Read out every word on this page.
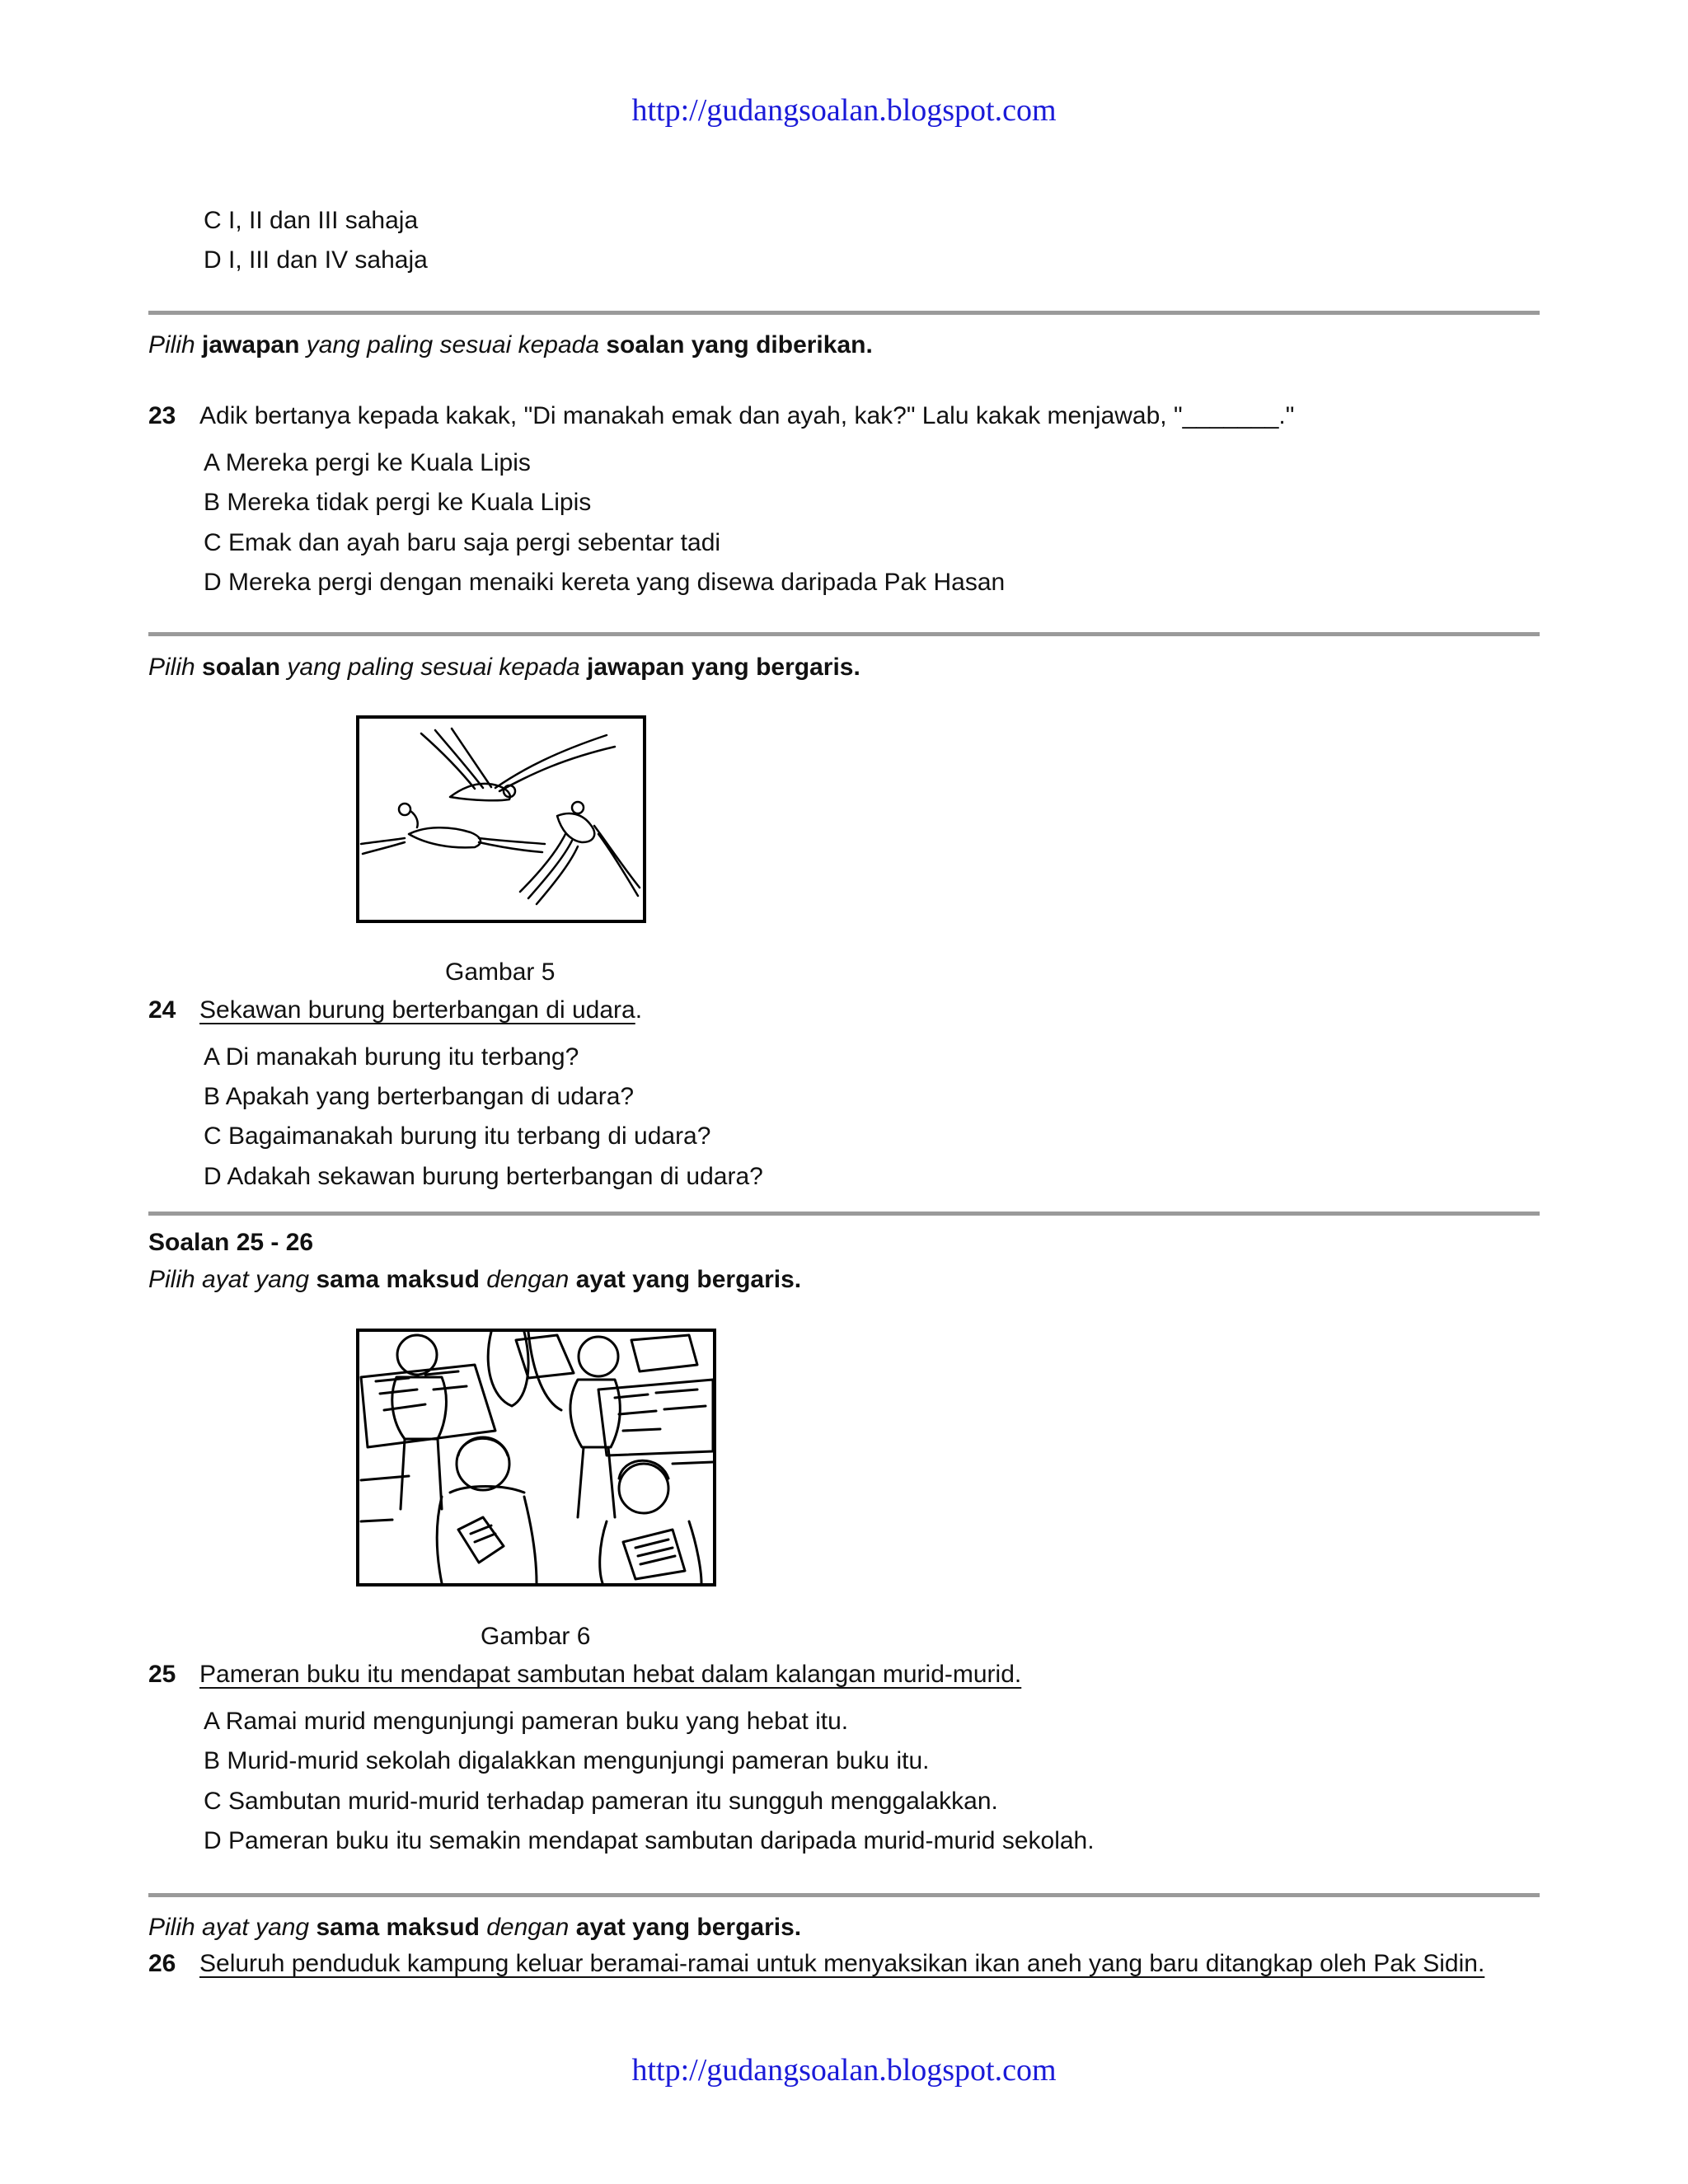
http://gudangsoalan.blogspot.com
C I, II dan III sahaja
D I, III dan IV sahaja
Pilih jawapan yang paling sesuai kepada soalan yang diberikan.
23 Adik bertanya kepada kakak, "Di manakah emak dan ayah, kak?" Lalu kakak menjawab, "_______."
A Mereka pergi ke Kuala Lipis
B Mereka tidak pergi ke Kuala Lipis
C Emak dan ayah baru saja pergi sebentar tadi
D Mereka pergi dengan menaiki kereta yang disewa daripada Pak Hasan
Pilih soalan yang paling sesuai kepada jawapan yang bergaris.
Gambar 5
24 Sekawan burung berterbangan di udara.
A Di manakah burung itu terbang?
B Apakah yang berterbangan di udara?
C Bagaimanakah burung itu terbang di udara?
D Adakah sekawan burung berterbangan di udara?
Soalan 25 - 26
Pilih ayat yang sama maksud dengan ayat yang bergaris.
Gambar 6
25 Pameran buku itu mendapat sambutan hebat dalam kalangan murid-murid.
A Ramai murid mengunjungi pameran buku yang hebat itu.
B Murid-murid sekolah digalakkan mengunjungi pameran buku itu.
C Sambutan murid-murid terhadap pameran itu sungguh menggalakkan.
D Pameran buku itu semakin mendapat sambutan daripada murid-murid sekolah.
Pilih ayat yang sama maksud dengan ayat yang bergaris.
26 Seluruh penduduk kampung keluar beramai-ramai untuk menyaksikan ikan aneh yang baru ditangkap oleh Pak Sidin.
http://gudangsoalan.blogspot.com
